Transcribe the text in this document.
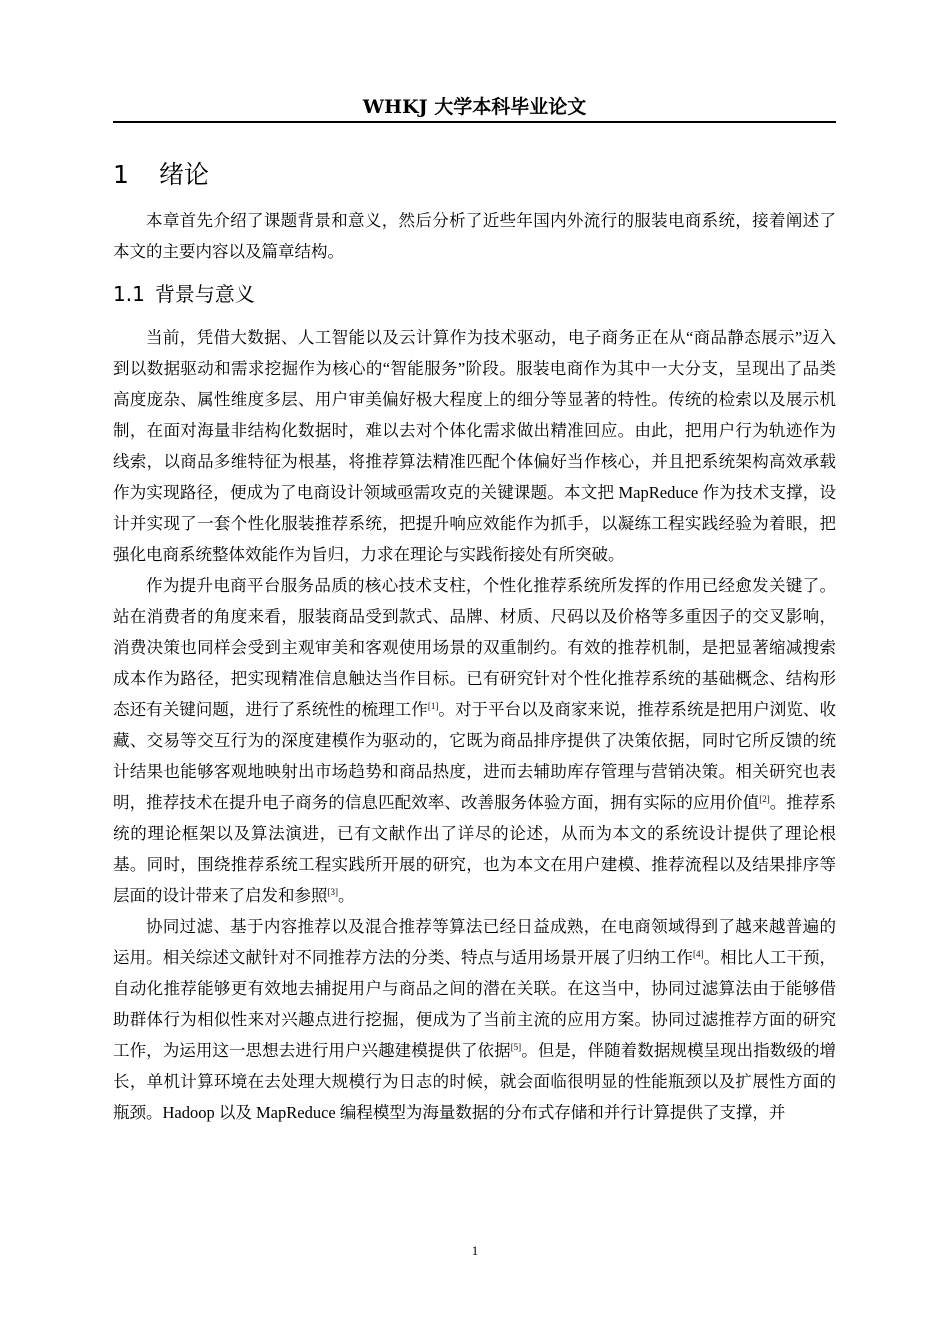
WHKJ 大学本科毕业论文
1 绪论

本章首先介绍了课题背景和意义，然后分析了近些年国内外流行的服装电商系统，接着阐述了本文的主要内容以及篇章结构。

1.1 背景与意义

当前，凭借大数据、人工智能以及云计算作为技术驱动，电子商务正在从“商品静态展示”迈入到以数据驱动和需求挖掘作为核心的“智能服务”阶段。服装电商作为其中一大分支，呈现出了品类高度庞杂、属性维度多层、用户审美偏好极大程度上的细分等显著的特性。传统的检索以及展示机制，在面对海量非结构化数据时，难以去对个体化需求做出精准回应。由此，把用户行为轨迹作为线索，以商品多维特征为根基，将推荐算法精准匹配个体偏好当作核心，并且把系统架构高效承载作为实现路径，便成为了电商设计领域亟需攻克的关键课题。本文把 MapReduce 作为技术支撑，设计并实现了一套个性化服装推荐系统，把提升响应效能作为抓手，以凝练工程实践经验为着眼，把强化电商系统整体效能作为旨归，力求在理论与实践衔接处有所突破。

作为提升电商平台服务品质的核心技术支柱，个性化推荐系统所发挥的作用已经愈发关键了。站在消费者的角度来看，服装商品受到款式、品牌、材质、尺码以及价格等多重因子的交叉影响，消费决策也同样会受到主观审美和客观使用场景的双重制约。有效的推荐机制，是把显著缩减搜索成本作为路径，把实现精准信息触达当作目标。已有研究针对个性化推荐系统的基础概念、结构形态还有关键问题，进行了系统性的梳理工作[1]。对于平台以及商家来说，推荐系统是把用户浏览、收藏、交易等交互行为的深度建模作为驱动的，它既为商品排序提供了决策依据，同时它所反馈的统计结果也能够客观地映射出市场趋势和商品热度，进而去辅助库存管理与营销决策。相关研究也表明，推荐技术在提升电子商务的信息匹配效率、改善服务体验方面，拥有实际的应用价值[2]。推荐系统的理论框架以及算法演进，已有文献作出了详尽的论述，从而为本文的系统设计提供了理论根基。同时，围绕推荐系统工程实践所开展的研究，也为本文在用户建模、推荐流程以及结果排序等层面的设计带来了启发和参照[3]。

协同过滤、基于内容推荐以及混合推荐等算法已经日益成熟，在电商领域得到了越来越普遍的运用。相关综述文献针对不同推荐方法的分类、特点与适用场景开展了归纳工作[4]。相比人工干预，自动化推荐能够更有效地去捕捉用户与商品之间的潜在关联。在这当中，协同过滤算法由于能够借助群体行为相似性来对兴趣点进行挖掘，便成为了当前主流的应用方案。协同过滤推荐方面的研究工作，为运用这一思想去进行用户兴趣建模提供了依据[5]。但是，伴随着数据规模呈现出指数级的增长，单机计算环境在去处理大规模行为日志的时候，就会面临很明显的性能瓶颈以及扩展性方面的瓶颈。Hadoop 以及 MapReduce 编程模型为海量数据的分布式存储和并行计算提供了支撑，并

1
